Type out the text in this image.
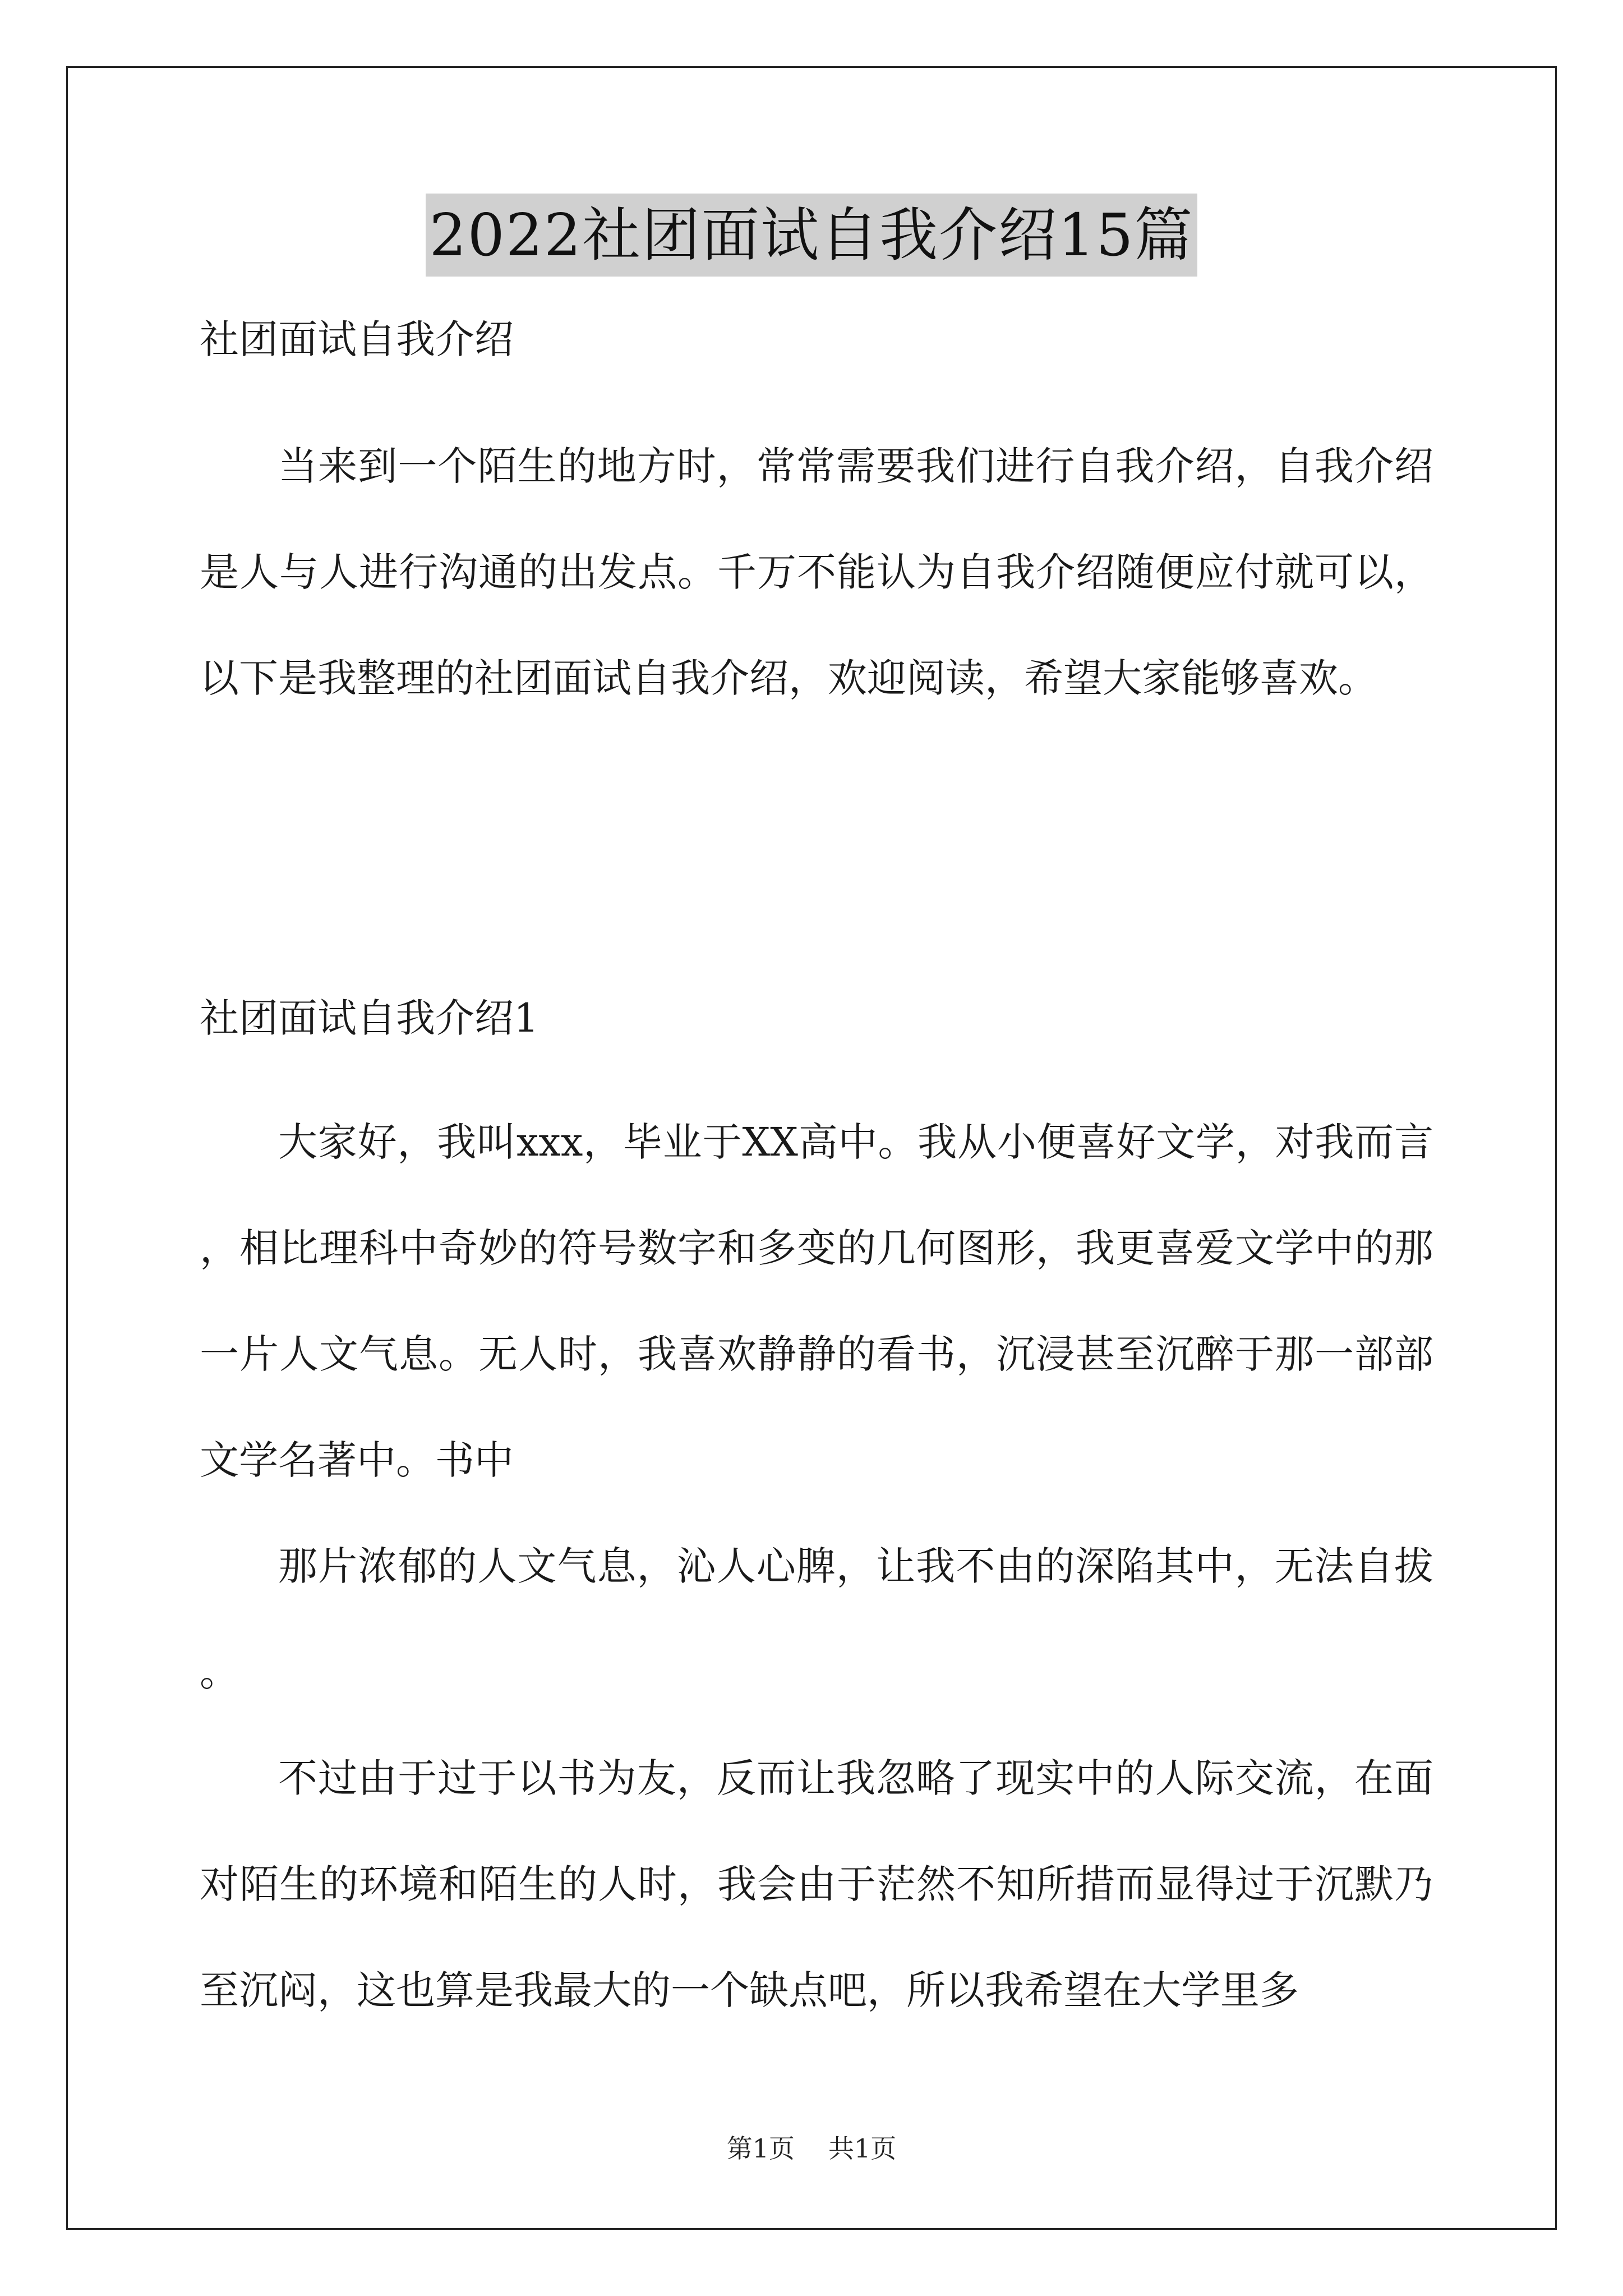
2022社团面试自我介绍15篇
社团面试自我介绍

当来到一个陌生的地方时，常常需要我们进行自我介绍，自我介绍是人与人进行沟通的出发点。千万不能认为自我介绍随便应付就可以，以下是我整理的社团面试自我介绍，欢迎阅读，希望大家能够喜欢。

社团面试自我介绍1

大家好，我叫xxx，毕业于XX高中。我从小便喜好文学，对我而言，相比理科中奇妙的符号数字和多变的几何图形，我更喜爱文学中的那一片人文气息。无人时，我喜欢静静的看书，沉浸甚至沉醉于那一部部文学名著中。书中

那片浓郁的人文气息，沁人心脾，让我不由的深陷其中，无法自拔。

不过由于过于以书为友，反而让我忽略了现实中的人际交流，在面对陌生的环境和陌生的人时，我会由于茫然不知所措而显得过于沉默乃至沉闷，这也算是我最大的一个缺点吧，所以我希望在大学里多

第1页 共1页
